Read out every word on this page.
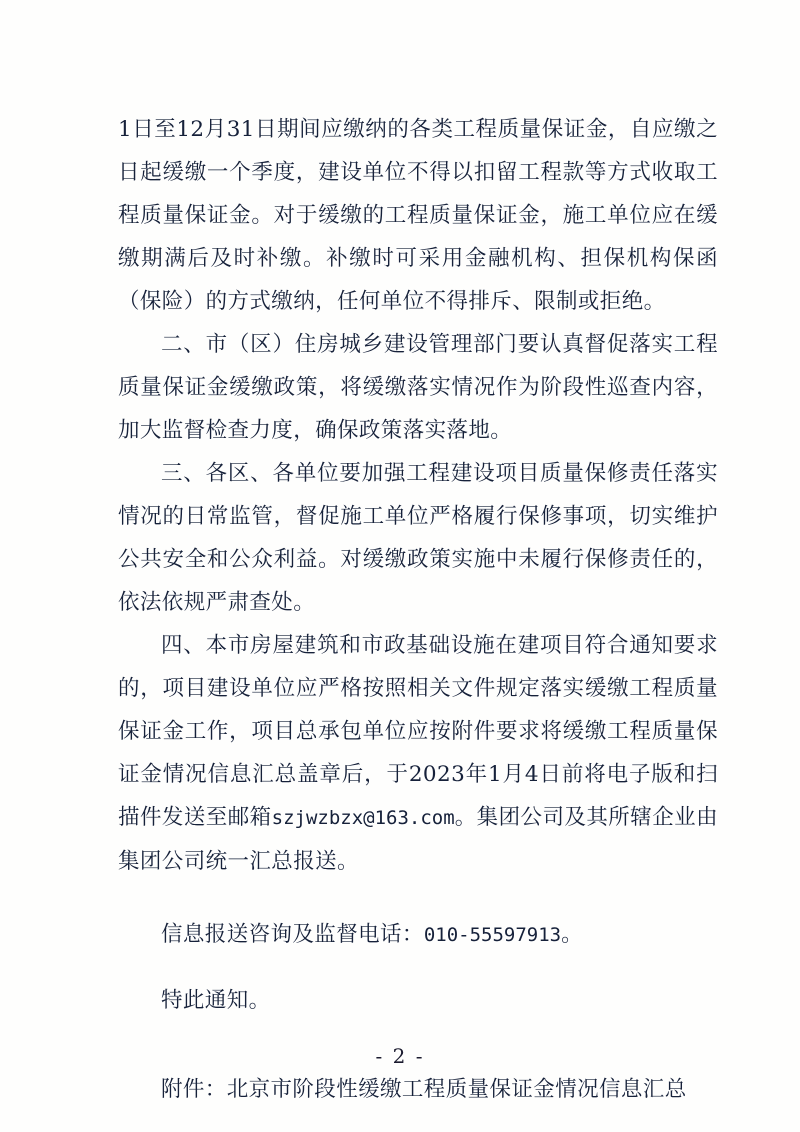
1日至12月31日期间应缴纳的各类工程质量保证金，自应缴之日起缓缴一个季度，建设单位不得以扣留工程款等方式收取工程质量保证金。对于缓缴的工程质量保证金，施工单位应在缓缴期满后及时补缴。补缴时可采用金融机构、担保机构保函（保险）的方式缴纳，任何单位不得排斥、限制或拒绝。

二、市（区）住房城乡建设管理部门要认真督促落实工程质量保证金缓缴政策，将缓缴落实情况作为阶段性巡查内容，加大监督检查力度，确保政策落实落地。

三、各区、各单位要加强工程建设项目质量保修责任落实情况的日常监管，督促施工单位严格履行保修事项，切实维护公共安全和公众利益。对缓缴政策实施中未履行保修责任的，依法依规严肃查处。

四、本市房屋建筑和市政基础设施在建项目符合通知要求的，项目建设单位应严格按照相关文件规定落实缓缴工程质量保证金工作，项目总承包单位应按附件要求将缓缴工程质量保证金情况信息汇总盖章后，于2023年1月4日前将电子版和扫描件发送至邮箱szjwzbzx@163.com。集团公司及其所辖企业由集团公司统一汇总报送。

信息报送咨询及监督电话：010-55597913。

特此通知。

附件：北京市阶段性缓缴工程质量保证金情况信息汇总

- 2 -
